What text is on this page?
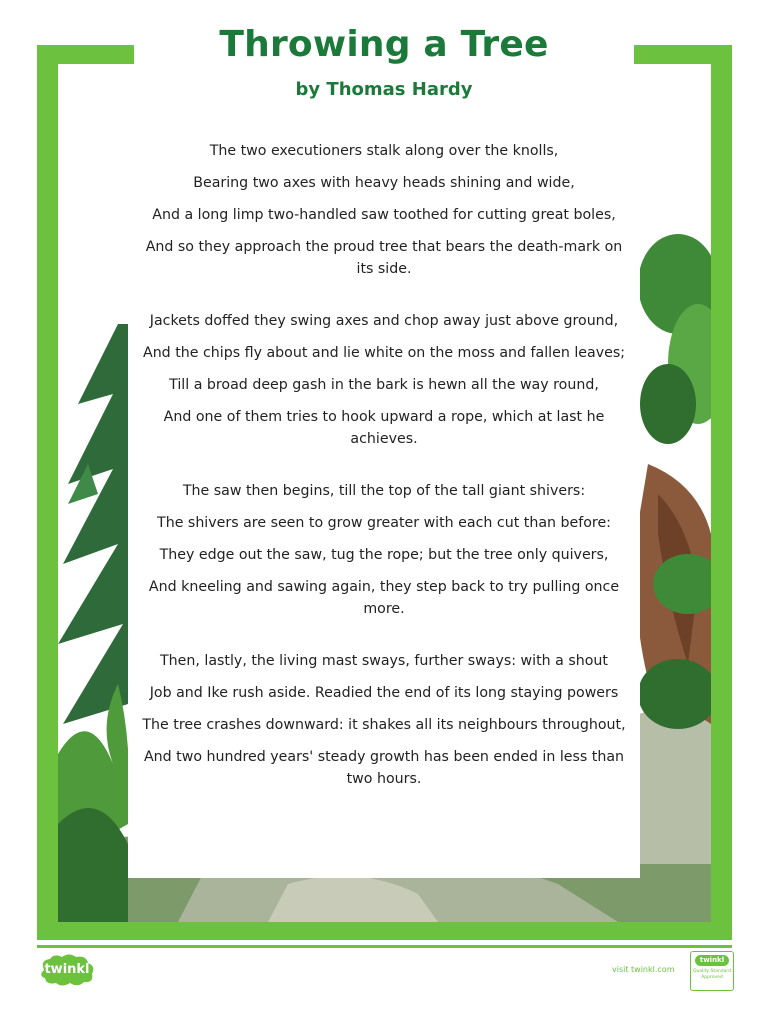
Throwing a Tree
by Thomas Hardy
The two executioners stalk along over the knolls,
Bearing two axes with heavy heads shining and wide,
And a long limp two-handled saw toothed for cutting great boles,
And so they approach the proud tree that bears the death-mark on its side.
Jackets doffed they swing axes and chop away just above ground,
And the chips fly about and lie white on the moss and fallen leaves;
Till a broad deep gash in the bark is hewn all the way round,
And one of them tries to hook upward a rope, which at last he achieves.
The saw then begins, till the top of the tall giant shivers:
The shivers are seen to grow greater with each cut than before:
They edge out the saw, tug the rope; but the tree only quivers,
And kneeling and sawing again, they step back to try pulling once more.
Then, lastly, the living mast sways, further sways: with a shout
Job and Ike rush aside. Readied the end of its long staying powers
The tree crashes downward: it shakes all its neighbours throughout,
And two hundred years' steady growth has been ended in less than two hours.
twinkl	visit twinkl.com
twinkl
Quality Standard Approved
